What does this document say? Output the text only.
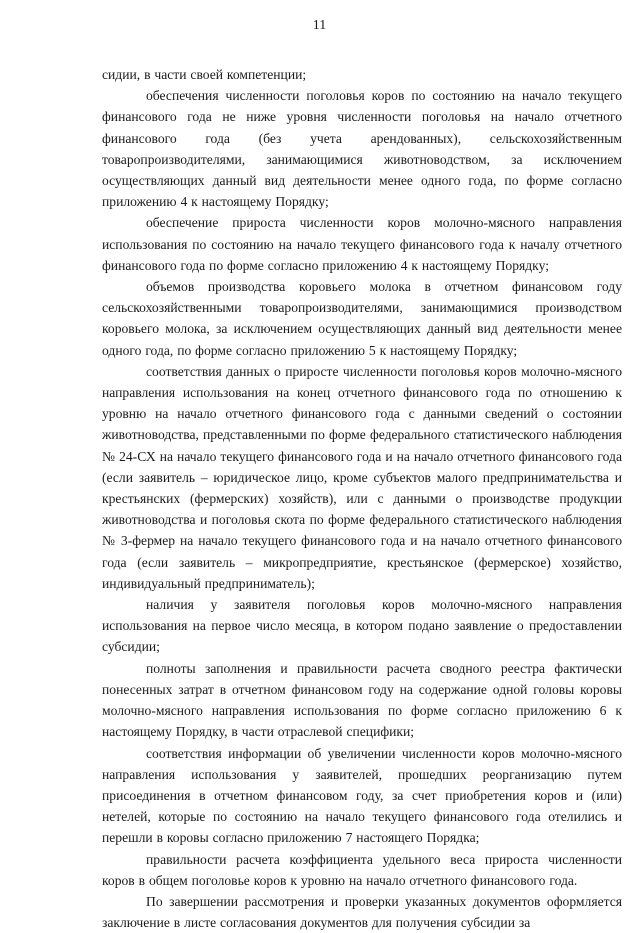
11

сидии, в части своей компетенции;

обеспечения численности поголовья коров по состоянию на начало текущего финансового года не ниже уровня численности поголовья на начало отчетного финансового года (без учета арендованных), сельскохозяйственным товаропроизводителями, занимающимися животноводством, за исключением осуществляющих данный вид деятельности менее одного года, по форме согласно приложению 4 к настоящему Порядку;

обеспечение прироста численности коров молочно-мясного направления использования по состоянию на начало текущего финансового года к началу отчетного финансового года по форме согласно приложению 4 к настоящему Порядку;

объемов производства коровьего молока в отчетном финансовом году сельскохозяйственными товаропроизводителями, занимающимися производством коровьего молока, за исключением осуществляющих данный вид деятельности менее одного года, по форме согласно приложению 5 к настоящему Порядку;

соответствия данных о приросте численности поголовья коров молочно-мясного направления использования на конец отчетного финансового года по отношению к уровню на начало отчетного финансового года с данными сведений о состоянии животноводства, представленными по форме федерального статистического наблюдения № 24-СХ на начало текущего финансового года и на начало отчетного финансового года (если заявитель – юридическое лицо, кроме субъектов малого предпринимательства и крестьянских (фермерских) хозяйств), или с данными о производстве продукции животноводства и поголовья скота по форме федерального статистического наблюдения № 3-фермер на начало текущего финансового года и на начало отчетного финансового года (если заявитель – микропредприятие, крестьянское (фермерское) хозяйство, индивидуальный предприниматель);

наличия у заявителя поголовья коров молочно-мясного направления использования на первое число месяца, в котором подано заявление о предоставлении субсидии;

полноты заполнения и правильности расчета сводного реестра фактически понесенных затрат в отчетном финансовом году на содержание одной головы коровы молочно-мясного направления использования по форме согласно приложению 6 к настоящему Порядку, в части отраслевой специфики;

соответствия информации об увеличении численности коров молочно-мясного направления использования у заявителей, прошедших реорганизацию путем присоединения в отчетном финансовом году, за счет приобретения коров и (или) нетелей, которые по состоянию на начало текущего финансового года отелились и перешли в коровы согласно приложению 7 настоящего Порядка;

правильности расчета коэффициента удельного веса прироста численности коров в общем поголовье коров к уровню на начало отчетного финансового года.

По завершении рассмотрения и проверки указанных документов оформляется заключение в листе согласования документов для получения субсидии за
